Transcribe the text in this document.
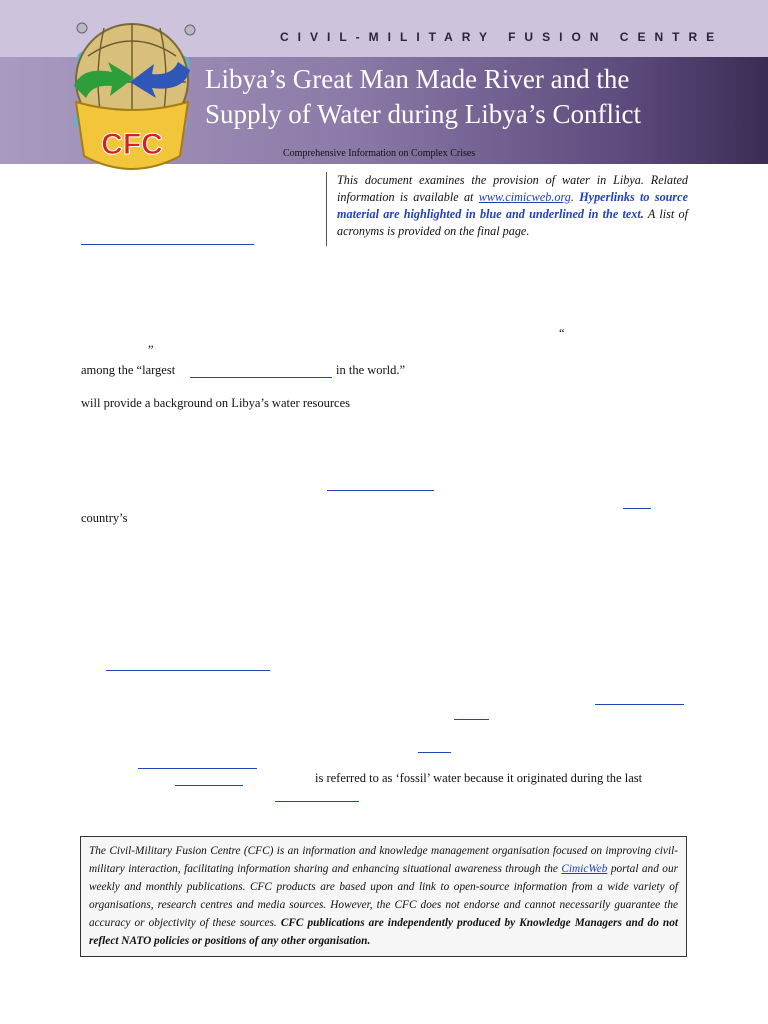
CIVIL-MILITARY FUSION CENTRE
Libya’s Great Man Made River and the
Supply of Water during Libya’s Conflict
Comprehensive Information on Complex Crises
CFC
This document examines the provision of water in Libya. Related information is available at www.cimicweb.org. Hyperlinks to source material are highlighted in blue and underlined in the text. A list of acronyms is provided on the final page.
“
”
among the “largest	in the world.”
will provide a background on Libya’s water resources
country’s
is referred to as ‘fossil’ water because it originated during the last
The Civil-Military Fusion Centre (CFC) is an information and knowledge management organisation focused on improving civil-military interaction, facilitating information sharing and enhancing situational awareness through the CimicWeb portal and our weekly and monthly publications. CFC products are based upon and link to open-source information from a wide variety of organisations, research centres and media sources. However, the CFC does not endorse and cannot necessarily guarantee the accuracy or objectivity of these sources. CFC publications are independently produced by Knowledge Managers and do not reflect NATO policies or positions of any other organisation.
